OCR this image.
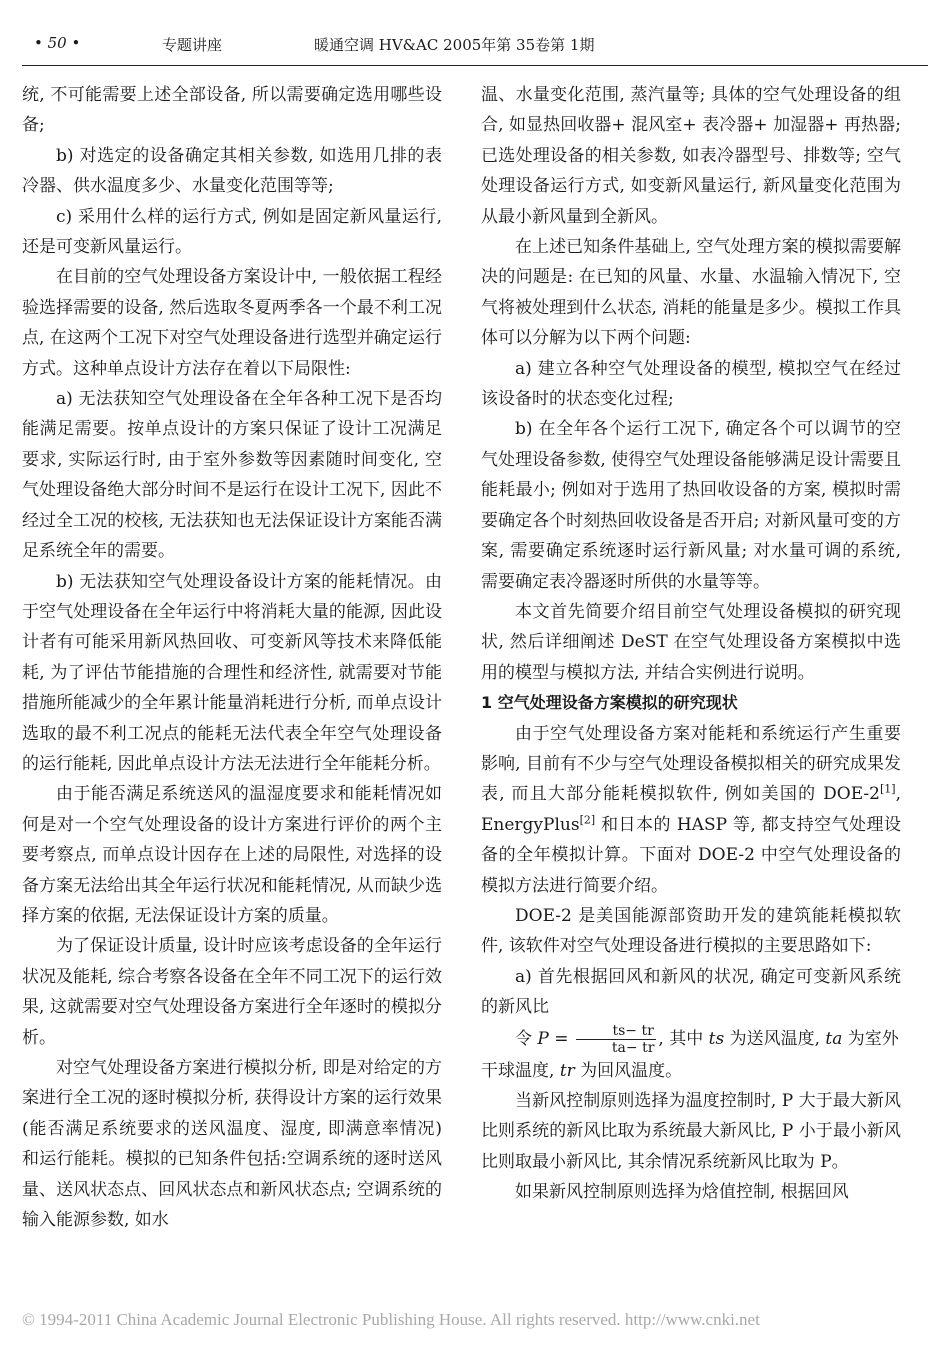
• 50 •	专题讲座	暖通空调 HV&AC 2005年第 35卷第 1期

统, 不可能需要上述全部设备, 所以需要确定选用哪些设备;

b) 对选定的设备确定其相关参数, 如选用几排的表冷器、供水温度多少、水量变化范围等等;

c) 采用什么样的运行方式, 例如是固定新风量运行, 还是可变新风量运行。

在目前的空气处理设备方案设计中, 一般依据工程经验选择需要的设备, 然后选取冬夏两季各一个最不利工况点, 在这两个工况下对空气处理设备进行选型并确定运行方式。这种单点设计方法存在着以下局限性:

a) 无法获知空气处理设备在全年各种工况下是否均能满足需要。按单点设计的方案只保证了设计工况满足要求, 实际运行时, 由于室外参数等因素随时间变化, 空气处理设备绝大部分时间不是运行在设计工况下, 因此不经过全工况的校核, 无法获知也无法保证设计方案能否满足系统全年的需要。

b) 无法获知空气处理设备设计方案的能耗情况。由于空气处理设备在全年运行中将消耗大量的能源, 因此设计者有可能采用新风热回收、可变新风等技术来降低能耗, 为了评估节能措施的合理性和经济性, 就需要对节能措施所能减少的全年累计能量消耗进行分析, 而单点设计选取的最不利工况点的能耗无法代表全年空气处理设备的运行能耗, 因此单点设计方法无法进行全年能耗分析。

由于能否满足系统送风的温湿度要求和能耗情况如何是对一个空气处理设备的设计方案进行评价的两个主要考察点, 而单点设计因存在上述的局限性, 对选择的设备方案无法给出其全年运行状况和能耗情况, 从而缺少选择方案的依据, 无法保证设计方案的质量。

为了保证设计质量, 设计时应该考虑设备的全年运行状况及能耗, 综合考察各设备在全年不同工况下的运行效果, 这就需要对空气处理设备方案进行全年逐时的模拟分析。

对空气处理设备方案进行模拟分析, 即是对给定的方案进行全工况的逐时模拟分析, 获得设计方案的运行效果(能否满足系统要求的送风温度、湿度, 即满意率情况) 和运行能耗。模拟的已知条件包括:空调系统的逐时送风量、送风状态点、回风状态点和新风状态点; 空调系统的输入能源参数, 如水

温、水量变化范围, 蒸汽量等; 具体的空气处理设备的组合, 如显热回收器+ 混风室+ 表冷器+ 加湿器+ 再热器; 已选处理设备的相关参数, 如表冷器型号、排数等; 空气处理设备运行方式, 如变新风量运行, 新风量变化范围为从最小新风量到全新风。

在上述已知条件基础上, 空气处理方案的模拟需要解决的问题是: 在已知的风量、水量、水温输入情况下, 空气将被处理到什么状态, 消耗的能量是多少。模拟工作具体可以分解为以下两个问题:

a) 建立各种空气处理设备的模型, 模拟空气在经过该设备时的状态变化过程;

b) 在全年各个运行工况下, 确定各个可以调节的空气处理设备参数, 使得空气处理设备能够满足设计需要且能耗最小; 例如对于选用了热回收设备的方案, 模拟时需要确定各个时刻热回收设备是否开启; 对新风量可变的方案, 需要确定系统逐时运行新风量; 对水量可调的系统, 需要确定表冷器逐时所供的水量等等。

本文首先简要介绍目前空气处理设备模拟的研究现状, 然后详细阐述 DeST 在空气处理设备方案模拟中选用的模型与模拟方法, 并结合实例进行说明。

1 空气处理设备方案模拟的研究现状

由于空气处理设备方案对能耗和系统运行产生重要影响, 目前有不少与空气处理设备模拟相关的研究成果发表, 而且大部分能耗模拟软件, 例如美国的 DOE-2[1], EnergyPlus[2] 和日本的 HASP 等, 都支持空气处理设备的全年模拟计算。下面对 DOE-2 中空气处理设备的模拟方法进行简要介绍。

DOE-2 是美国能源部资助开发的建筑能耗模拟软件, 该软件对空气处理设备进行模拟的主要思路如下:

a) 首先根据回风和新风的状况, 确定可变新风系统的新风比

令 $P = \frac{ts- tr}{ta- tr}$ , 其中 ts 为送风温度, ta 为室外

干球温度, tr 为回风温度。

当新风控制原则选择为温度控制时, P 大于最大新风比则系统的新风比取为系统最大新风比, P 小于最小新风比则取最小新风比, 其余情况系统新风比取为 P。

如果新风控制原则选择为焓值控制, 根据回风

© 1994-2011 China Academic Journal Electronic Publishing House. All rights reserved. http://www.cnki.net
